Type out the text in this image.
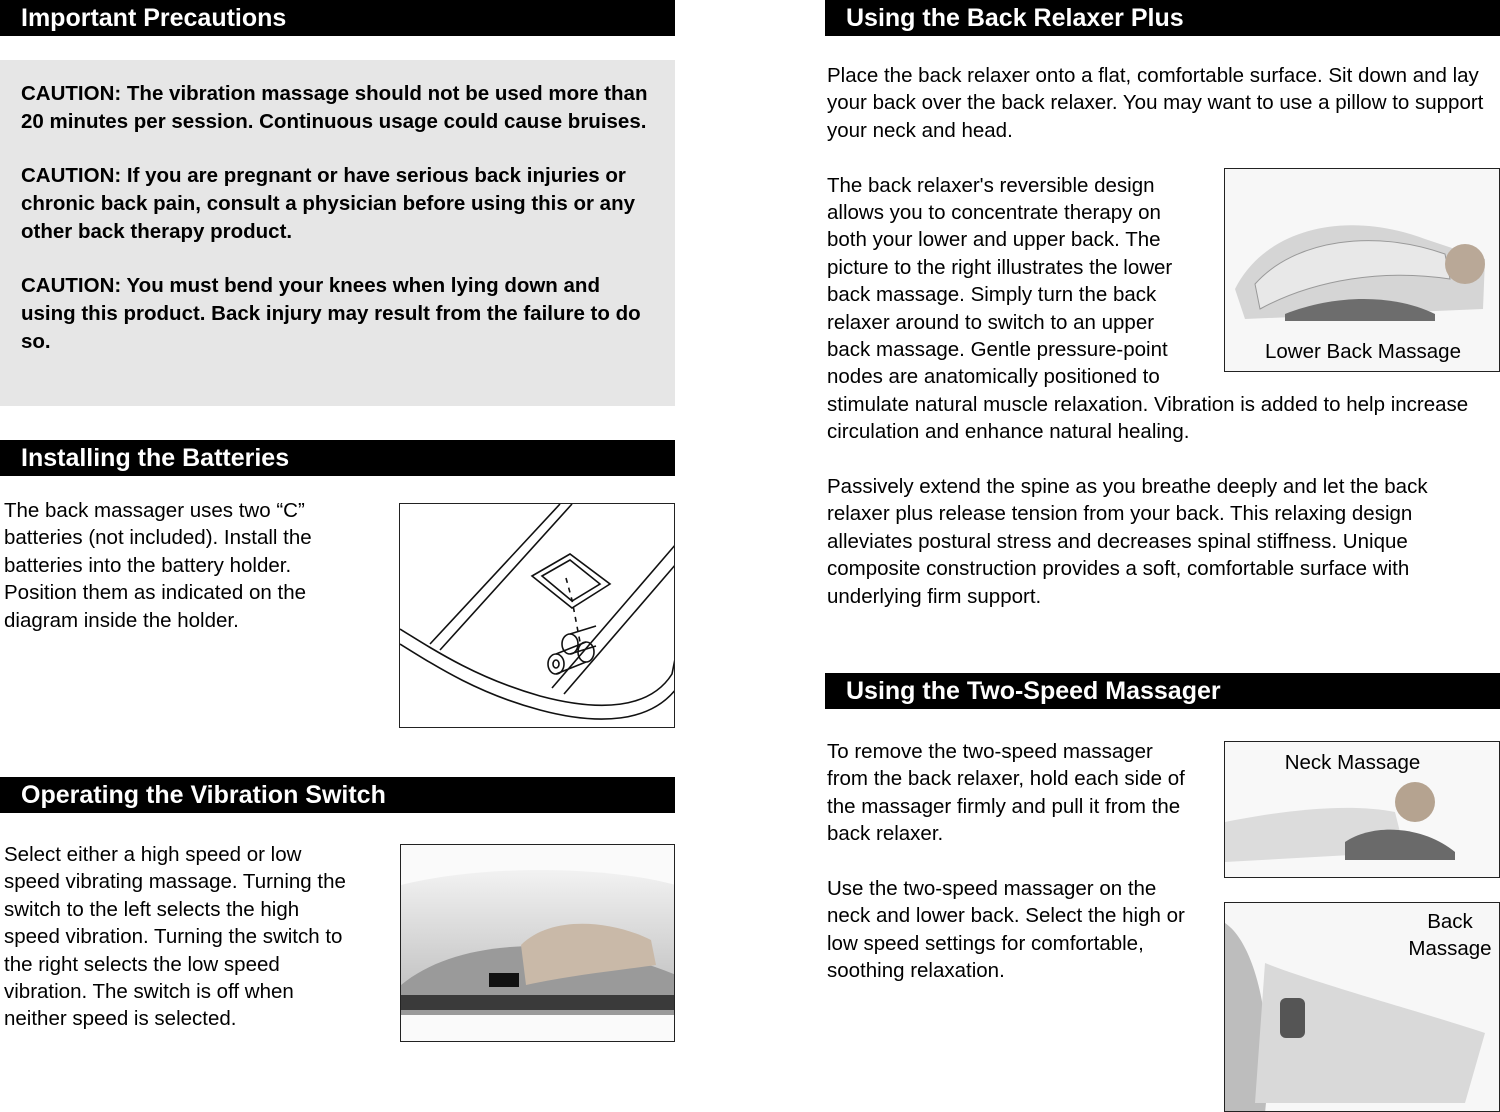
Important Precautions

CAUTION: The vibration massage should not be used more than 20 minutes per session. Continuous usage could cause bruises.

CAUTION: If you are pregnant or have serious back injuries or chronic back pain, consult a physician before using this or any other back therapy product.

CAUTION: You must bend your knees when lying down and using this product. Back injury may result from the failure to do so.

Installing the Batteries
The back massager uses two “C” batteries (not included). Install the batteries into the battery holder. Position them as indicated on the diagram inside the holder.
Operating the Vibration Switch
Select either a high speed or low speed vibrating massage. Turning the switch to the left selects the high speed vibration. Turning the switch to the right selects the low speed vibration. The switch is off when neither speed is selected.
Using the Back Relaxer Plus

Place the back relaxer onto a flat, comfortable surface. Sit down and lay your back over the back relaxer. You may want to use a pillow to support your neck and head.

Lower Back Massage

The back relaxer's reversible design allows you to concentrate therapy on both your lower and upper back. The picture to the right illustrates the lower back massage. Simply turn the back relaxer around to switch to an upper back massage. Gentle pressure-point nodes are anatomically positioned to stimulate natural muscle relaxation. Vibration is added to help increase circulation and enhance natural healing.

Passively extend the spine as you breathe deeply and let the back relaxer plus release tension from your back. This relaxing design alleviates postural stress and decreases spinal stiffness. Unique composite construction provides a soft, comfortable surface with underlying firm support.

Using the Two-Speed Massager

To remove the two-speed massager from the back relaxer, hold each side of the massager firmly and pull it from the back relaxer.

Use the two-speed massager on the neck and lower back. Select the high or low speed settings for comfortable, soothing relaxation.

Neck Massage
Back
Massage
